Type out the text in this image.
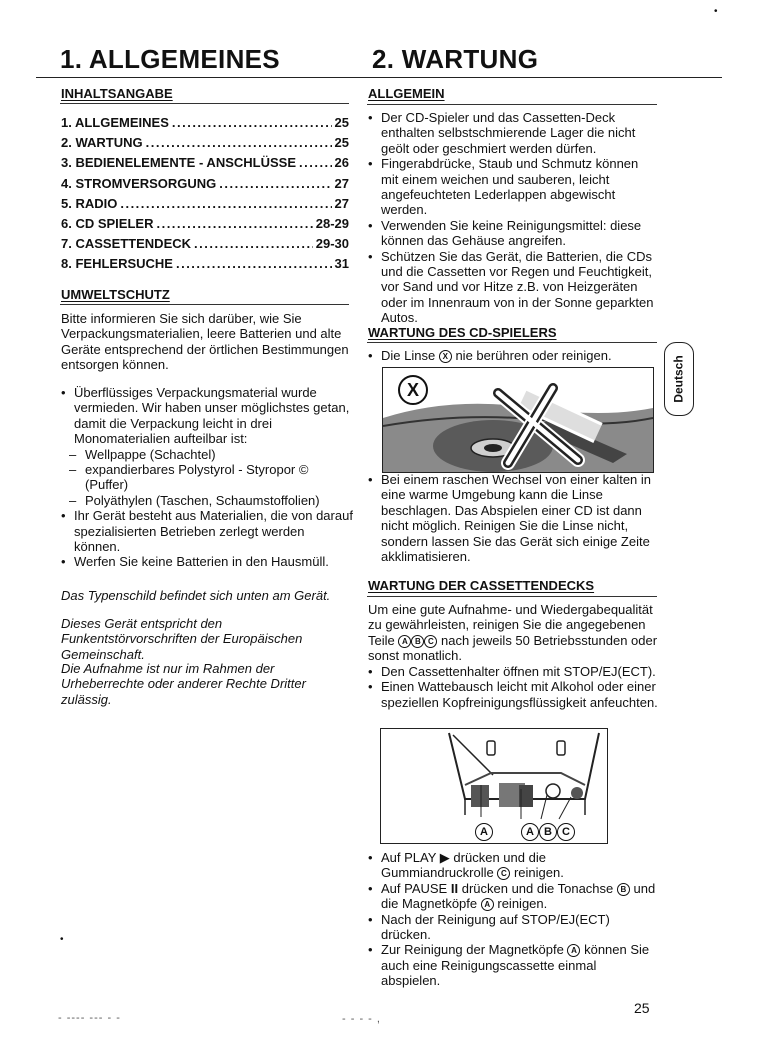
•
1. ALLGEMEINES	2. WARTUNG
INHALTSANGABE
1. ALLGEMEINES .....	25
2. WARTUNG .....	25
3. BEDIENELEMENTE - ANSCHLÜSSE .....	26
4. STROMVERSORGUNG .....	27
5. RADIO .....	27
6. CD SPIELER .....	28-29
7. CASSETTENDECK .....	29-30
8. FEHLERSUCHE .....	31
UMWELTSCHUTZ

Bitte informieren Sie sich darüber, wie Sie Verpackungsmaterialien, leere Batterien und alte Geräte entsprechend der örtlichen Bestimmungen entsorgen können.

• Überflüssiges Verpackungsmaterial wurde vermieden. Wir haben unser möglichstes getan, damit die Verpackung leicht in drei Monomaterialien aufteilbar ist:
– Wellpappe (Schachtel)
– expandierbares Polystyrol - Styropor © (Puffer)
– Polyäthylen (Taschen, Schaumstoffolien)
• Ihr Gerät besteht aus Materialien, die von darauf spezialisierten Betrieben zerlegt werden können.
• Werfen Sie keine Batterien in den Hausmüll.

Das Typenschild befindet sich unten am Gerät.

Dieses Gerät entspricht den Funkentstörvorschriften der Europäischen Gemeinschaft.

Die Aufnahme ist nur im Rahmen der Urheberrechte oder anderer Rechte Dritter zulässig.

•
ALLGEMEIN
• Der CD-Spieler und das Cassetten-Deck enthalten selbstschmierende Lager die nicht geölt oder geschmiert werden dürfen.
• Fingerabdrücke, Staub und Schmutz können mit einem weichen und sauberen, leicht angefeuchteten Lederlappen abgewischt werden.
• Verwenden Sie keine Reinigungsmittel: diese können das Gehäuse angreifen.
• Schützen Sie das Gerät, die Batterien, die CDs und die Cassetten vor Regen und Feuchtigkeit, vor Sand und vor Hitze z.B. von Heizgeräten oder im Innenraum von in der Sonne geparkten Autos.
WARTUNG DES CD-SPIELERS
• Die Linse X nie berühren oder reinigen.
X
• Bei einem raschen Wechsel von einer kalten in eine warme Umgebung kann die Linse beschlagen. Das Abspielen einer CD ist dann nicht möglich. Reinigen Sie die Linse nicht, sondern lassen Sie das Gerät sich einige Zeite akklimatisieren.
WARTUNG DER CASSETTENDECKS

Um eine gute Aufnahme- und Wiedergabequalität zu gewährleisten, reinigen Sie die angegebenen Teile A B C nach jeweils 50 Betriebsstunden oder sonst monatlich.

• Den Cassettenhalter öffnen mit STOP/EJ(ECT).
• Einen Wattebausch leicht mit Alkohol oder einer speziellen Kopfreinigungsflüssigkeit anfeuchten.
A	A B C
• Auf PLAY ▶ drücken und die Gummiandruckrolle C reinigen.
• Auf PAUSE II drücken und die Tonachse B und die Magnetköpfe A reinigen.
• Nach der Reinigung auf STOP/EJ(ECT) drücken.
• Zur Reinigung der Magnetköpfe A können Sie auch eine Reinigungscassette einmal abspielen.
Deutsch
25
- ---- --- - -	- - - - ,
